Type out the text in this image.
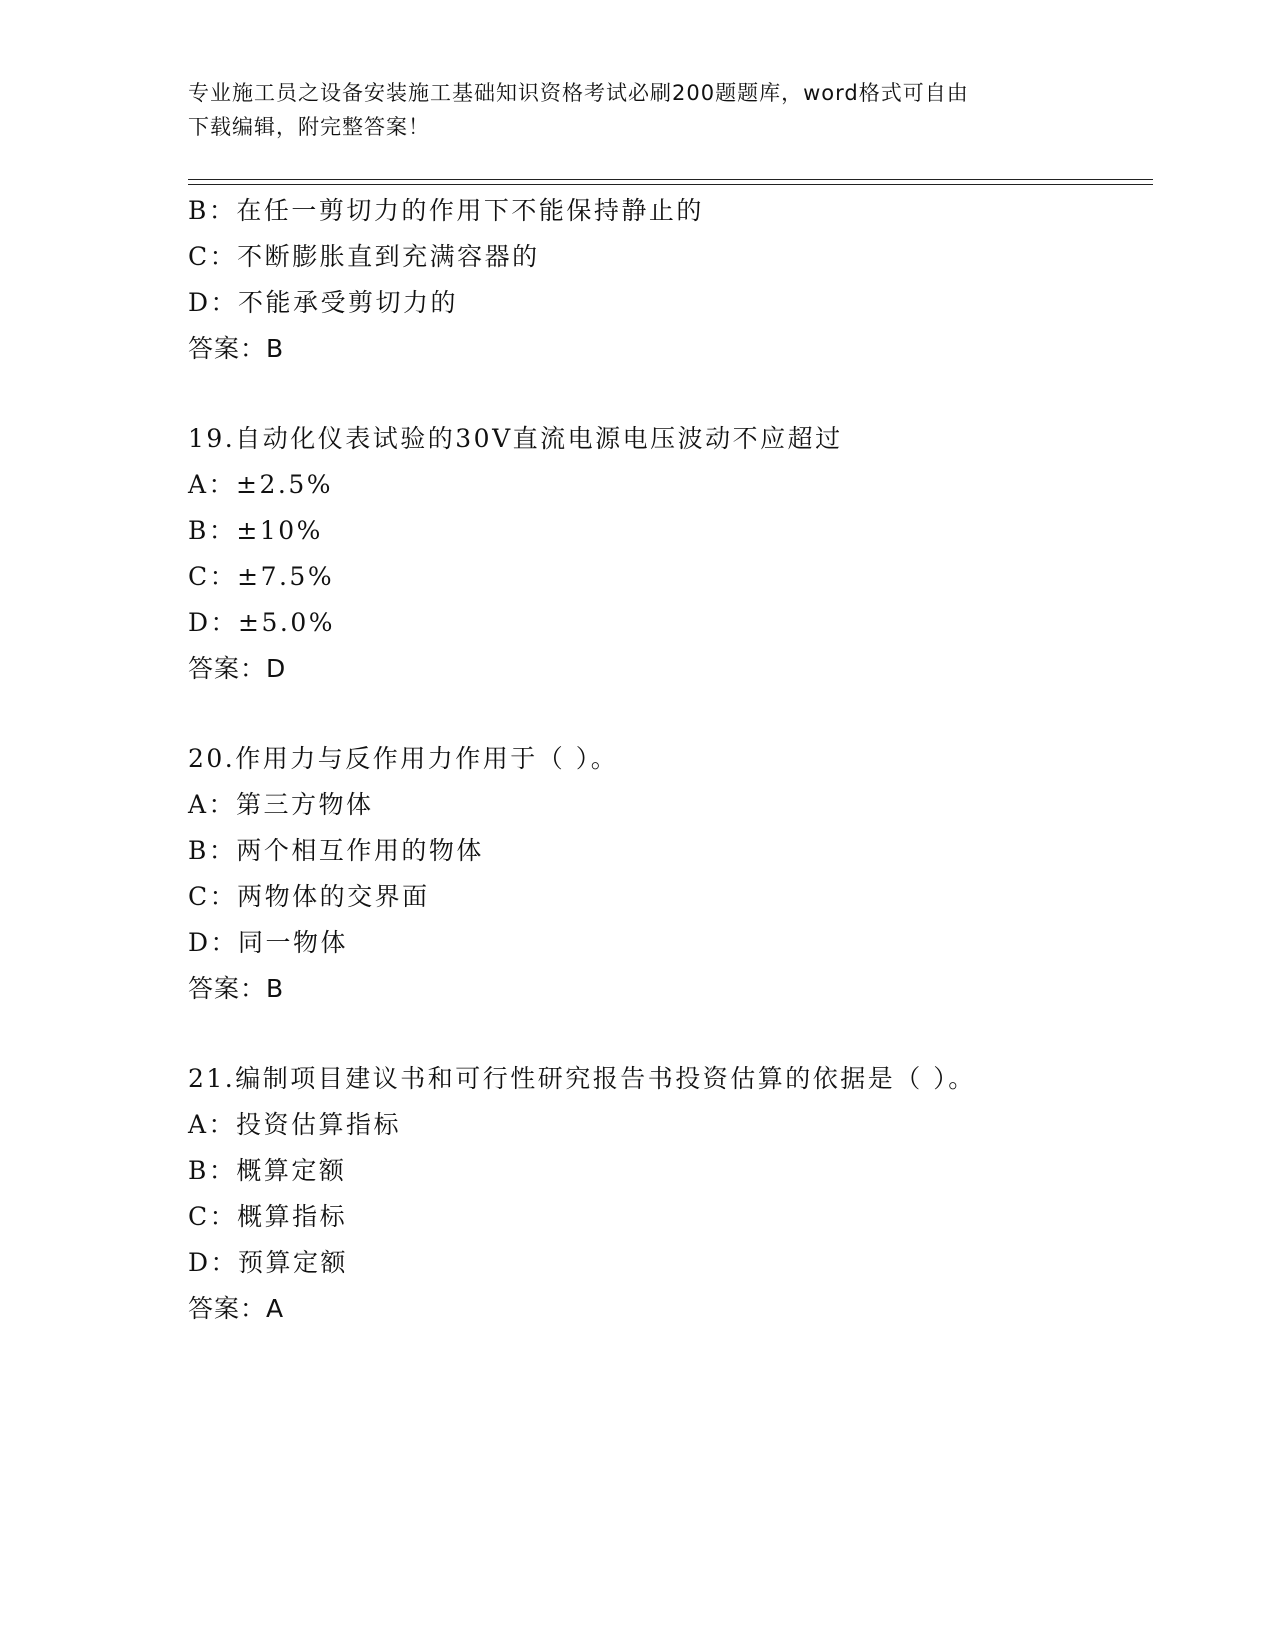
专业施工员之设备安装施工基础知识资格考试必刷200题题库，word格式可自由
下载编辑，附完整答案！
B：在任一剪切力的作用下不能保持静止的
C：不断膨胀直到充满容器的
D：不能承受剪切力的
答案：B
19.自动化仪表试验的30V直流电源电压波动不应超过
A：±2.5%
B：±10%
C：±7.5%
D：±5.0%
答案：D
20.作用力与反作用力作用于（ ）。
A：第三方物体
B：两个相互作用的物体
C：两物体的交界面
D：同一物体
答案：B
21.编制项目建议书和可行性研究报告书投资估算的依据是（ ）。
A：投资估算指标
B：概算定额
C：概算指标
D：预算定额
答案：A
